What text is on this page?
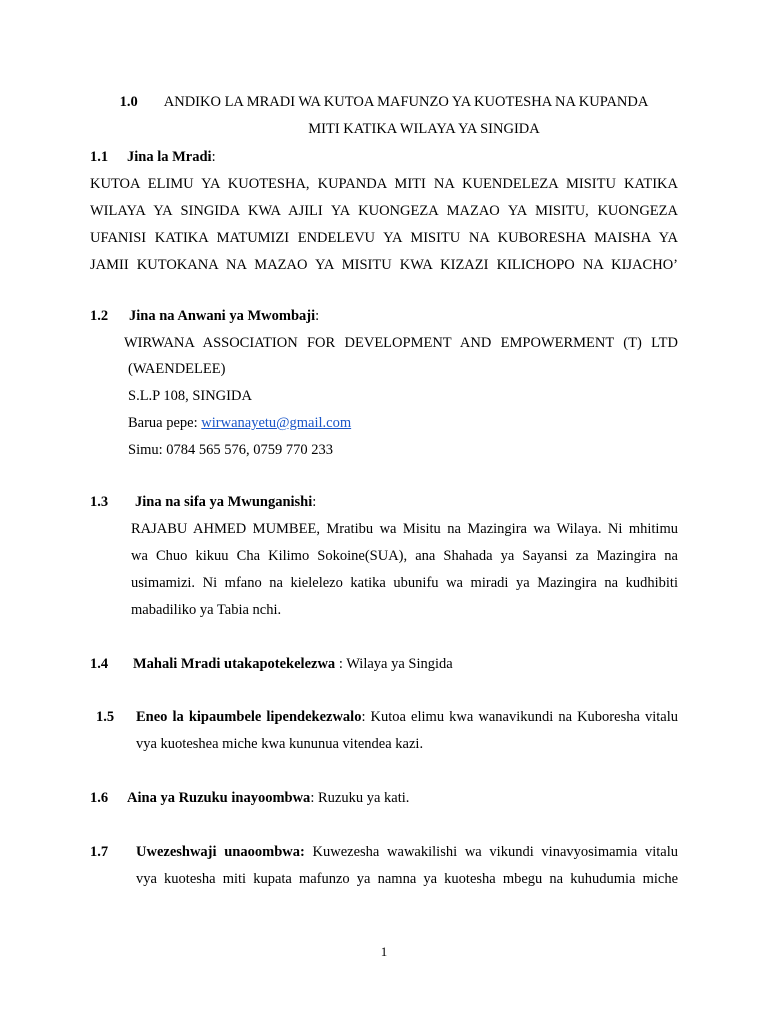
1.0 ANDIKO LA MRADI WA KUTOA MAFUNZO YA KUOTESHA NA KUPANDA
MITI KATIKA WILAYA YA SINGIDA
1.1 Jina la Mradi:
KUTOA ELIMU YA KUOTESHA, KUPANDA MITI NA KUENDELEZA MISITU KATIKA
WILAYA YA SINGIDA KWA AJILI YA KUONGEZA MAZAO YA MISITU, KUONGEZA
UFANISI KATIKA MATUMIZI ENDELEVU YA MISITU NA KUBORESHA MAISHA YA
JAMII KUTOKANA NA MAZAO YA MISITU KWA KIZAZI KILICHOPO NA KIJACHO’
1.2 Jina na Anwani ya Mwombaji:
WIRWANA ASSOCIATION FOR DEVELOPMENT AND EMPOWERMENT (T) LTD
(WAENDELEE)
S.L.P 108, SINGIDA
Barua pepe: wirwanayetu@gmail.com
Simu: 0784 565 576, 0759 770 233
1.3 Jina na sifa ya Mwunganishi:
RAJABU AHMED MUMBEE, Mratibu wa Misitu na Mazingira wa Wilaya. Ni mhitimu
wa Chuo kikuu Cha Kilimo Sokoine(SUA), ana Shahada ya Sayansi za Mazingira na
usimamizi. Ni mfano na kielelezo katika ubunifu wa miradi ya Mazingira na kudhibiti
mabadiliko ya Tabia nchi.
1.4 Mahali Mradi utakapotekelezwa : Wilaya ya Singida
1.5 Eneo la kipaumbele lipendekezwalo: Kutoa elimu kwa wanavikundi na Kuboresha vitalu
vya kuotesheа miche kwa kununua vitendea kazi.
1.6 Aina ya Ruzuku inayoombwa: Ruzuku ya kati.
1.7 Uwezeshwaji unaoombwa: Kuwezesha wawakilishi wa vikundi vinavyosimamia vitalu
vya kuotesha miti kupata mafunzo ya namna ya kuotesha mbegu na kuhudumia miche
1
